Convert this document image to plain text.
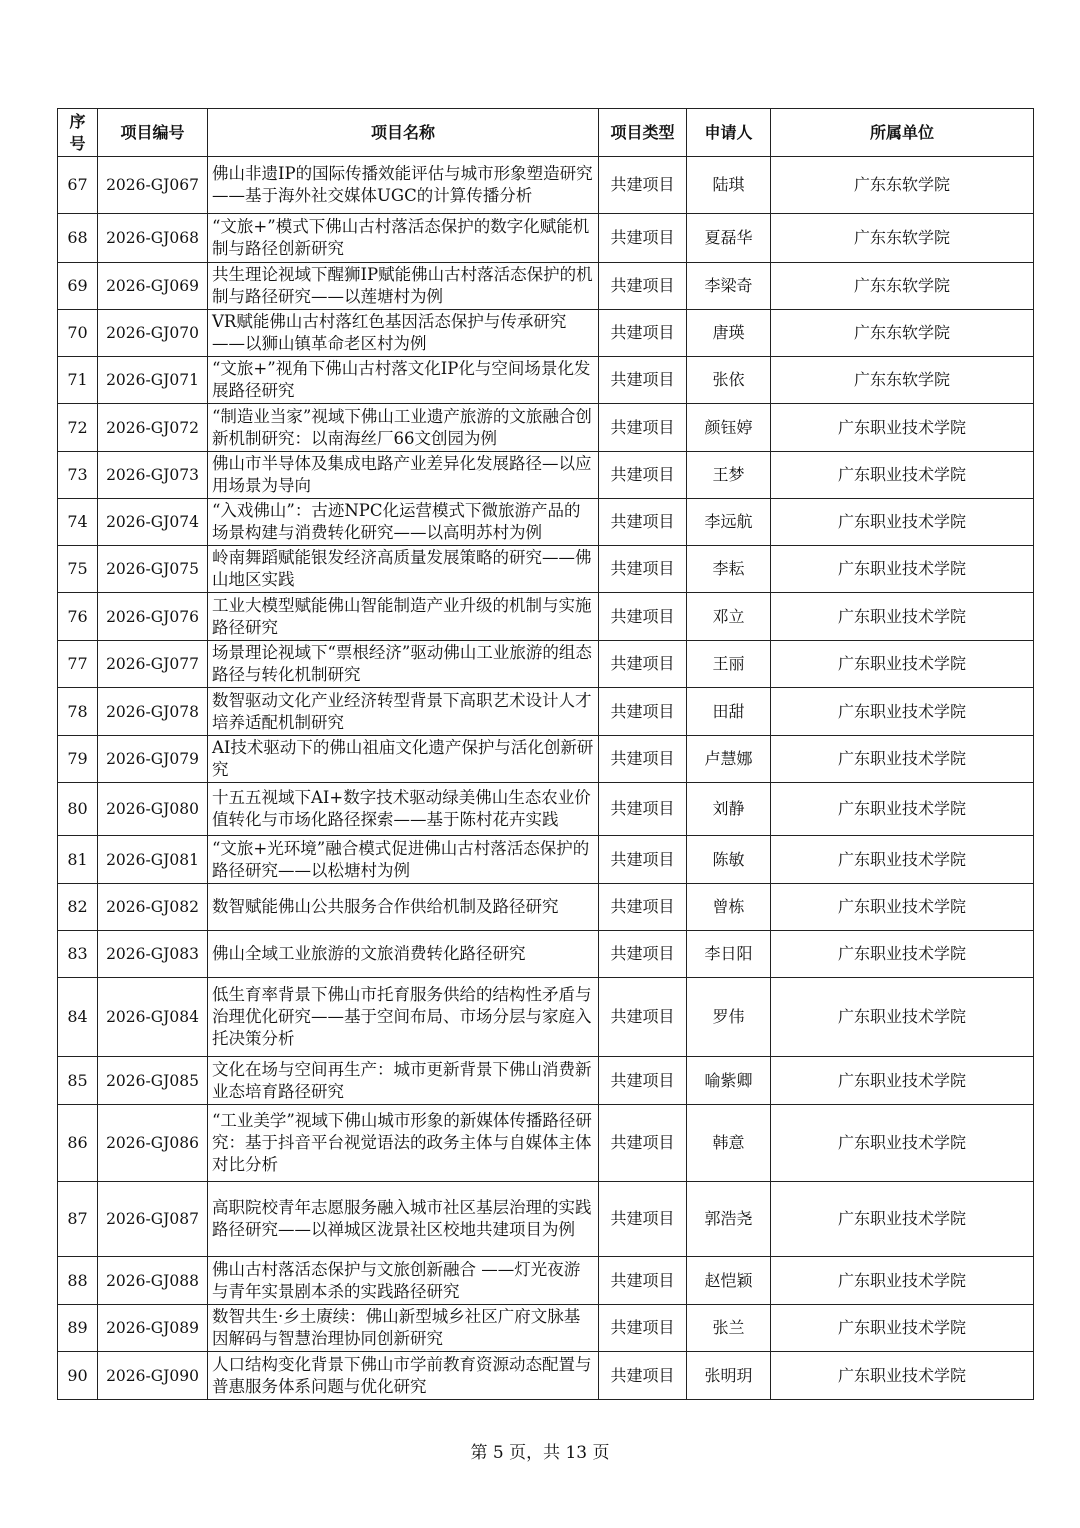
序号	项目编号	项目名称	项目类型	申请人	所属单位
67	2026-GJ067	佛山非遗IP的国际传播效能评估与城市形象塑造研究——基于海外社交媒体UGC的计算传播分析	共建项目	陆琪	广东东软学院
68	2026-GJ068	“文旅+”模式下佛山古村落活态保护的数字化赋能机制与路径创新研究	共建项目	夏磊华	广东东软学院
69	2026-GJ069	共生理论视域下醒狮IP赋能佛山古村落活态保护的机制与路径研究——以莲塘村为例	共建项目	李梁奇	广东东软学院
70	2026-GJ070	VR赋能佛山古村落红色基因活态保护与传承研究——以狮山镇革命老区村为例	共建项目	唐瑛	广东东软学院
71	2026-GJ071	“文旅+”视角下佛山古村落文化IP化与空间场景化发展路径研究	共建项目	张依	广东东软学院
72	2026-GJ072	“制造业当家”视域下佛山工业遗产旅游的文旅融合创新机制研究：以南海丝厂66文创园为例	共建项目	颜钰婷	广东职业技术学院
73	2026-GJ073	佛山市半导体及集成电路产业差异化发展路径—以应用场景为导向	共建项目	王梦	广东职业技术学院
74	2026-GJ074	“入戏佛山”：古迹NPC化运营模式下微旅游产品的场景构建与消费转化研究——以高明苏村为例	共建项目	李远航	广东职业技术学院
75	2026-GJ075	岭南舞蹈赋能银发经济高质量发展策略的研究——佛山地区实践	共建项目	李耘	广东职业技术学院
76	2026-GJ076	工业大模型赋能佛山智能制造产业升级的机制与实施路径研究	共建项目	邓立	广东职业技术学院
77	2026-GJ077	场景理论视域下“票根经济”驱动佛山工业旅游的组态路径与转化机制研究	共建项目	王丽	广东职业技术学院
78	2026-GJ078	数智驱动文化产业经济转型背景下高职艺术设计人才培养适配机制研究	共建项目	田甜	广东职业技术学院
79	2026-GJ079	AI技术驱动下的佛山祖庙文化遗产保护与活化创新研究	共建项目	卢慧娜	广东职业技术学院
80	2026-GJ080	十五五视域下AI+数字技术驱动绿美佛山生态农业价值转化与市场化路径探索——基于陈村花卉实践	共建项目	刘静	广东职业技术学院
81	2026-GJ081	“文旅+光环境”融合模式促进佛山古村落活态保护的路径研究——以松塘村为例	共建项目	陈敏	广东职业技术学院
82	2026-GJ082	数智赋能佛山公共服务合作供给机制及路径研究	共建项目	曾栋	广东职业技术学院
83	2026-GJ083	佛山全域工业旅游的文旅消费转化路径研究	共建项目	李日阳	广东职业技术学院
84	2026-GJ084	低生育率背景下佛山市托育服务供给的结构性矛盾与治理优化研究——基于空间布局、市场分层与家庭入托决策分析	共建项目	罗伟	广东职业技术学院
85	2026-GJ085	文化在场与空间再生产：城市更新背景下佛山消费新业态培育路径研究	共建项目	喻紫卿	广东职业技术学院
86	2026-GJ086	“工业美学”视域下佛山城市形象的新媒体传播路径研究：基于抖音平台视觉语法的政务主体与自媒体主体对比分析	共建项目	韩意	广东职业技术学院
87	2026-GJ087	高职院校青年志愿服务融入城市社区基层治理的实践路径研究——以禅城区泷景社区校地共建项目为例	共建项目	郭浩尧	广东职业技术学院
88	2026-GJ088	佛山古村落活态保护与文旅创新融合 ——灯光夜游与青年实景剧本杀的实践路径研究	共建项目	赵恺颖	广东职业技术学院
89	2026-GJ089	数智共生·乡土赓续：佛山新型城乡社区广府文脉基因解码与智慧治理协同创新研究	共建项目	张兰	广东职业技术学院
90	2026-GJ090	人口结构变化背景下佛山市学前教育资源动态配置与普惠服务体系问题与优化研究	共建项目	张明玥	广东职业技术学院
第 5 页，共 13 页
